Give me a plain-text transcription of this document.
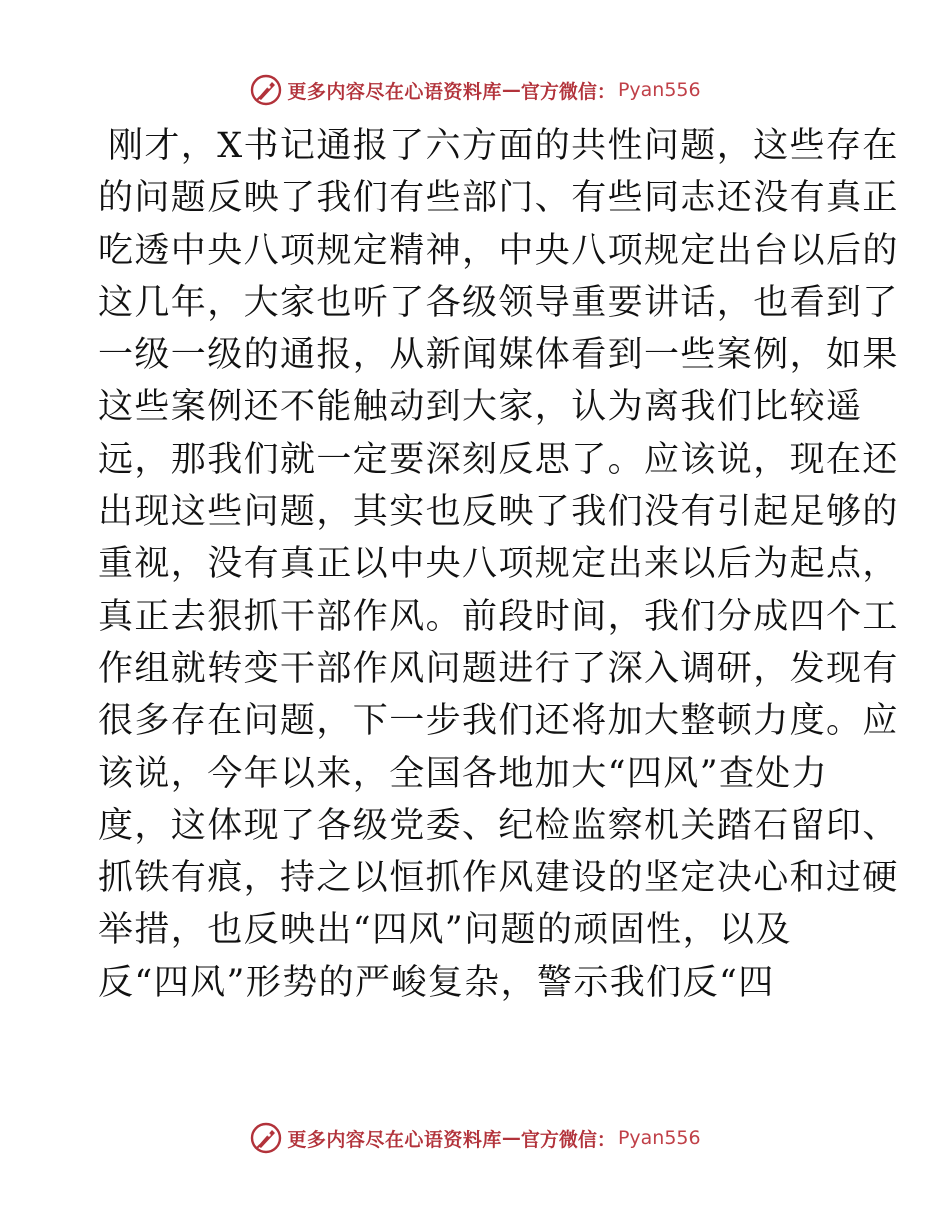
更多内容尽在心语资料库 — 官方微信： Pyan556
刚才，X书记通报了六方面的共性问题，这些存在
的问题反映了我们有些部门、有些同志还没有真正
吃透中央八项规定精神，中央八项规定出台以后的
这几年，大家也听了各级领导重要讲话，也看到了
一级一级的通报，从新闻媒体看到一些案例，如果
这些案例还不能触动到大家，认为离我们比较遥
远，那我们就一定要深刻反思了。应该说，现在还
出现这些问题，其实也反映了我们没有引起足够的
重视，没有真正以中央八项规定出来以后为起点，
真正去狠抓干部作风。前段时间，我们分成四个工
作组就转变干部作风问题进行了深入调研，发现有
很多存在问题，下一步我们还将加大整顿力度。应
该说，今年以来，全国各地加大“四风”查处力
度，这体现了各级党委、纪检监察机关踏石留印、
抓铁有痕，持之以恒抓作风建设的坚定决心和过硬
举措，也反映出“四风”问题的顽固性，以及
反“四风”形势的严峻复杂，警示我们反“四
更多内容尽在心语资料库 — 官方微信： Pyan556
